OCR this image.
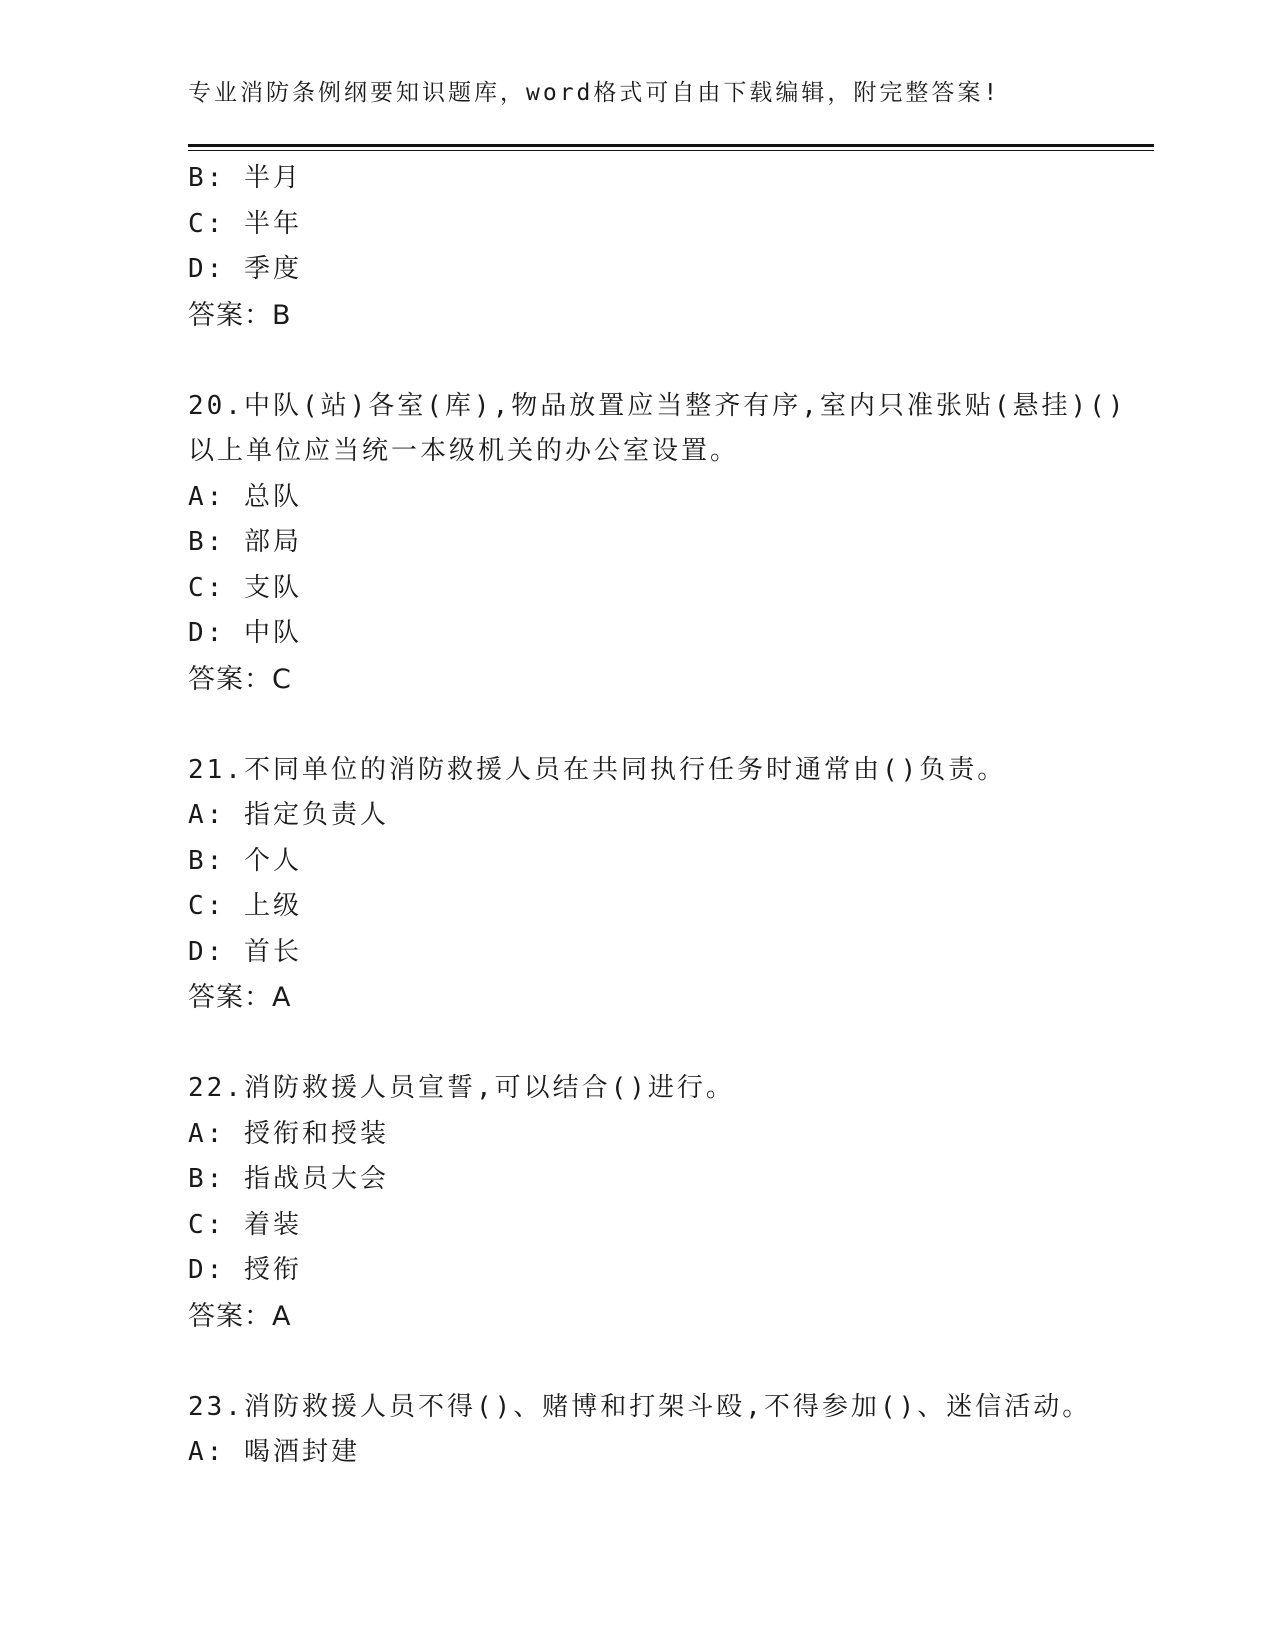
专业消防条例纲要知识题库，word格式可自由下载编辑，附完整答案!
B: 半月
C: 半年
D: 季度
答案：B
20.中队(站)各室(库),物品放置应当整齐有序,室内只准张贴(悬挂)()
以上单位应当统一本级机关的办公室设置。
A: 总队
B: 部局
C: 支队
D: 中队
答案：C
21.不同单位的消防救援人员在共同执行任务时通常由()负责。
A: 指定负责人
B: 个人
C: 上级
D: 首长
答案：A
22.消防救援人员宣誓,可以结合()进行。
A: 授衔和授装
B: 指战员大会
C: 着装
D: 授衔
答案：A
23.消防救援人员不得()、赌博和打架斗殴,不得参加()、迷信活动。
A: 喝酒封建
